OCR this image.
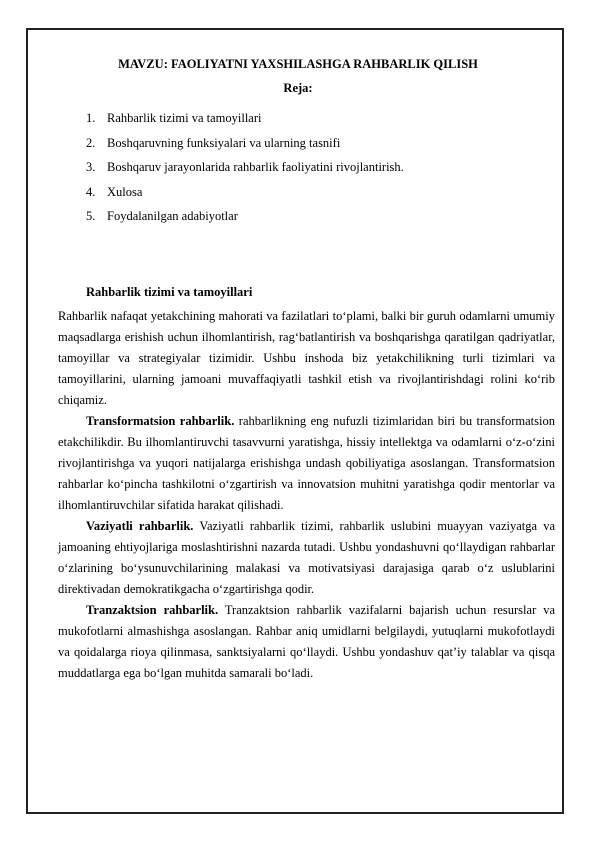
MAVZU: FAOLIYATNI YAXSHILASHGA RAHBARLIK QILISH
Reja:
1. Rahbarlik tizimi va tamoyillari
2. Boshqaruvning funksiyalari va ularning tasnifi
3. Boshqaruv jarayonlarida rahbarlik faoliyatini rivojlantirish.
4. Xulosa
5. Foydalanilgan adabiyotlar
Rahbarlik tizimi va tamoyillari

Rahbarlik nafaqat yetakchining mahorati va fazilatlari to‘plami, balki bir guruh odamlarni umumiy maqsadlarga erishish uchun ilhomlantirish, rag‘batlantirish va boshqarishga qaratilgan qadriyatlar, tamoyillar va strategiyalar tizimidir. Ushbu inshoda biz yetakchilikning turli tizimlari va tamoyillarini, ularning jamoani muvaffaqiyatli tashkil etish va rivojlantirishdagi rolini ko‘rib chiqamiz.

Transformatsion rahbarlik. rahbarlikning eng nufuzli tizimlaridan biri bu transformatsion etakchilikdir. Bu ilhomlantiruvchi tasavvurni yaratishga, hissiy intellektga va odamlarni o‘z-o‘zini rivojlantirishga va yuqori natijalarga erishishga undash qobiliyatiga asoslangan. Transformatsion rahbarlar ko‘pincha tashkilotni o‘zgartirish va innovatsion muhitni yaratishga qodir mentorlar va ilhomlantiruvchilar sifatida harakat qilishadi.

Vaziyatli rahbarlik. Vaziyatli rahbarlik tizimi, rahbarlik uslubini muayyan vaziyatga va jamoaning ehtiyojlariga moslashtirishni nazarda tutadi. Ushbu yondashuvni qo‘llaydigan rahbarlar o‘zlarining bo‘ysunuvchilarining malakasi va motivatsiyasi darajasiga qarab o‘z uslublarini direktivadan demokratikgacha o‘zgartirishga qodir.

Tranzaktsion rahbarlik. Tranzaktsion rahbarlik vazifalarni bajarish uchun resurslar va mukofotlarni almashishga asoslangan. Rahbar aniq umidlarni belgilaydi, yutuqlarni mukofotlaydi va qoidalarga rioya qilinmasa, sanktsiyalarni qo‘llaydi. Ushbu yondashuv qat’iy talablar va qisqa muddatlarga ega bo‘lgan muhitda samarali bo‘ladi.
